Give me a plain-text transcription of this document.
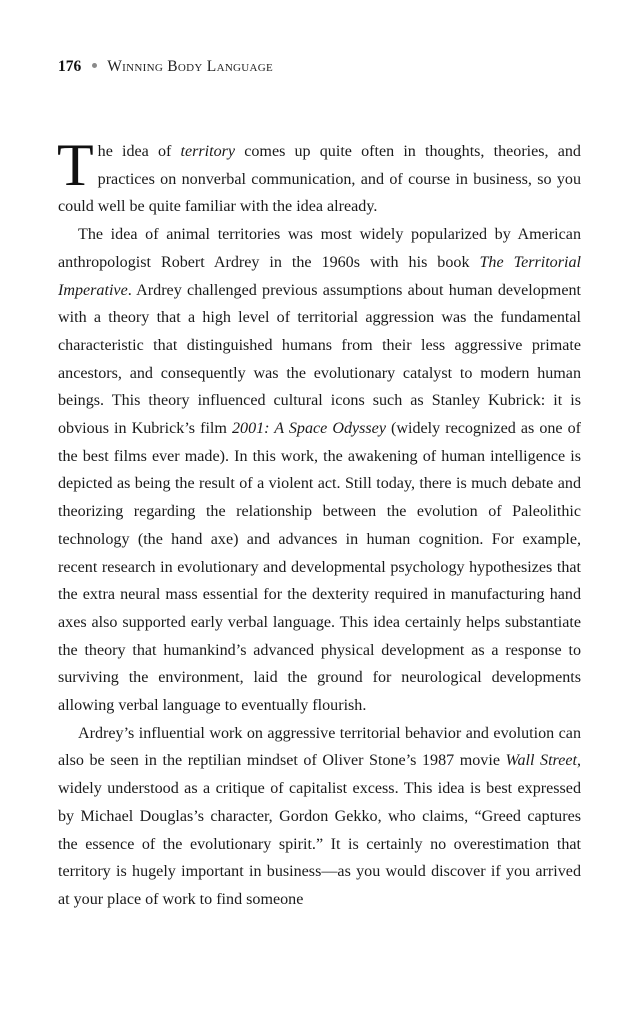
176 Winning Body Language

The idea of territory comes up quite often in thoughts, theories, and practices on nonverbal communication, and of course in business, so you could well be quite familiar with the idea already.

The idea of animal territories was most widely popularized by American anthropologist Robert Ardrey in the 1960s with his book The Territorial Imperative. Ardrey challenged previous assumptions about human development with a theory that a high level of territorial aggression was the fundamental characteristic that distinguished humans from their less aggressive primate ancestors, and consequently was the evolutionary catalyst to modern human beings. This theory influenced cultural icons such as Stanley Kubrick: it is obvious in Kubrick’s film 2001: A Space Odyssey (widely recognized as one of the best films ever made). In this work, the awakening of human intelligence is depicted as being the result of a violent act. Still today, there is much debate and theorizing regarding the relationship between the evolution of Paleolithic technology (the hand axe) and advances in human cognition. For example, recent research in evolutionary and developmental psychology hypothesizes that the extra neural mass essential for the dexterity required in manufacturing hand axes also supported early verbal language. This idea certainly helps substantiate the theory that humankind’s advanced physical development as a response to surviving the environment, laid the ground for neurological developments allowing verbal language to eventually flourish.

Ardrey’s influential work on aggressive territorial behavior and evolution can also be seen in the reptilian mindset of Oliver Stone’s 1987 movie Wall Street, widely understood as a critique of capitalist excess. This idea is best expressed by Michael Douglas’s character, Gordon Gekko, who claims, “Greed captures the essence of the evolutionary spirit.” It is certainly no overestimation that territory is hugely important in business—as you would discover if you arrived at your place of work to find someone
